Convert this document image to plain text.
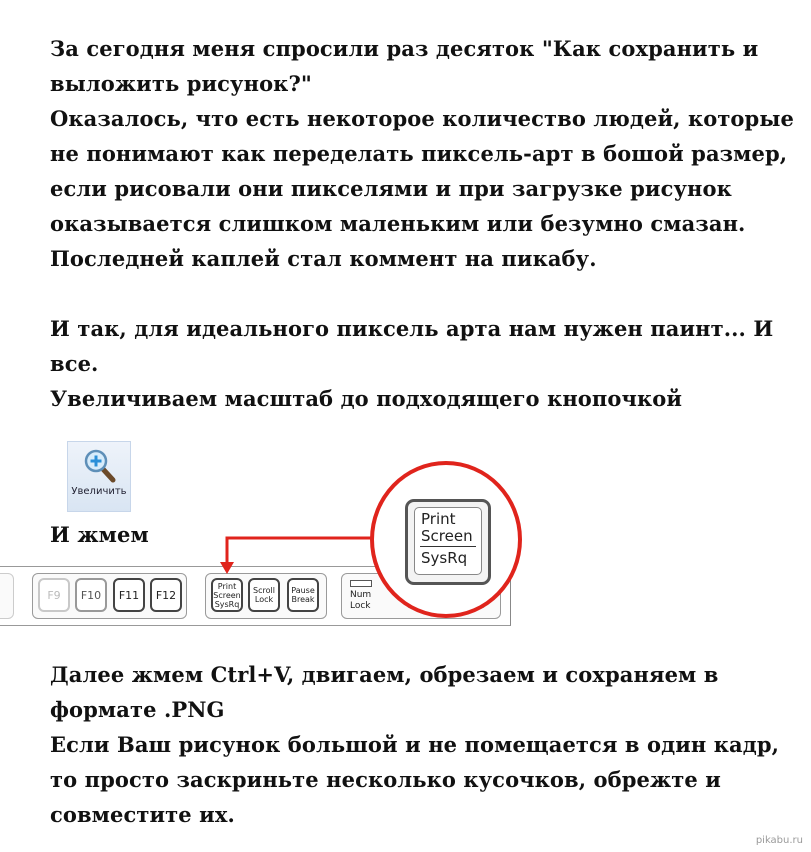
За сегодня меня спросили раз десяток "Как сохранить и
выложить рисунок?"
Оказалось, что есть некоторое количество людей, которые
не понимают как переделать пиксель-арт в бошой размер,
если рисовали они пикселями и при загрузке рисунок
оказывается слишком маленьким или безумно смазан.
Последней каплей стал коммент на пикабу.
И так, для идеального пиксель арта нам нужен паинт... И
все.
Увеличиваем масштаб до подходящего кнопочкой
Увеличить
И жмем
F9	F10	F11	F12
Print
Screen
SysRq
Scroll
Lock
Pause
Break	Num
Lock
Print
Screen
SysRq
Далее жмем Ctrl+V, двигаем, обрезаем и сохраняем в
формате .PNG
Если Ваш рисунок большой и не помещается в один кадр,
то просто заскриньте несколько кусочков, обрежте и
совместите их.
pikabu.ru
